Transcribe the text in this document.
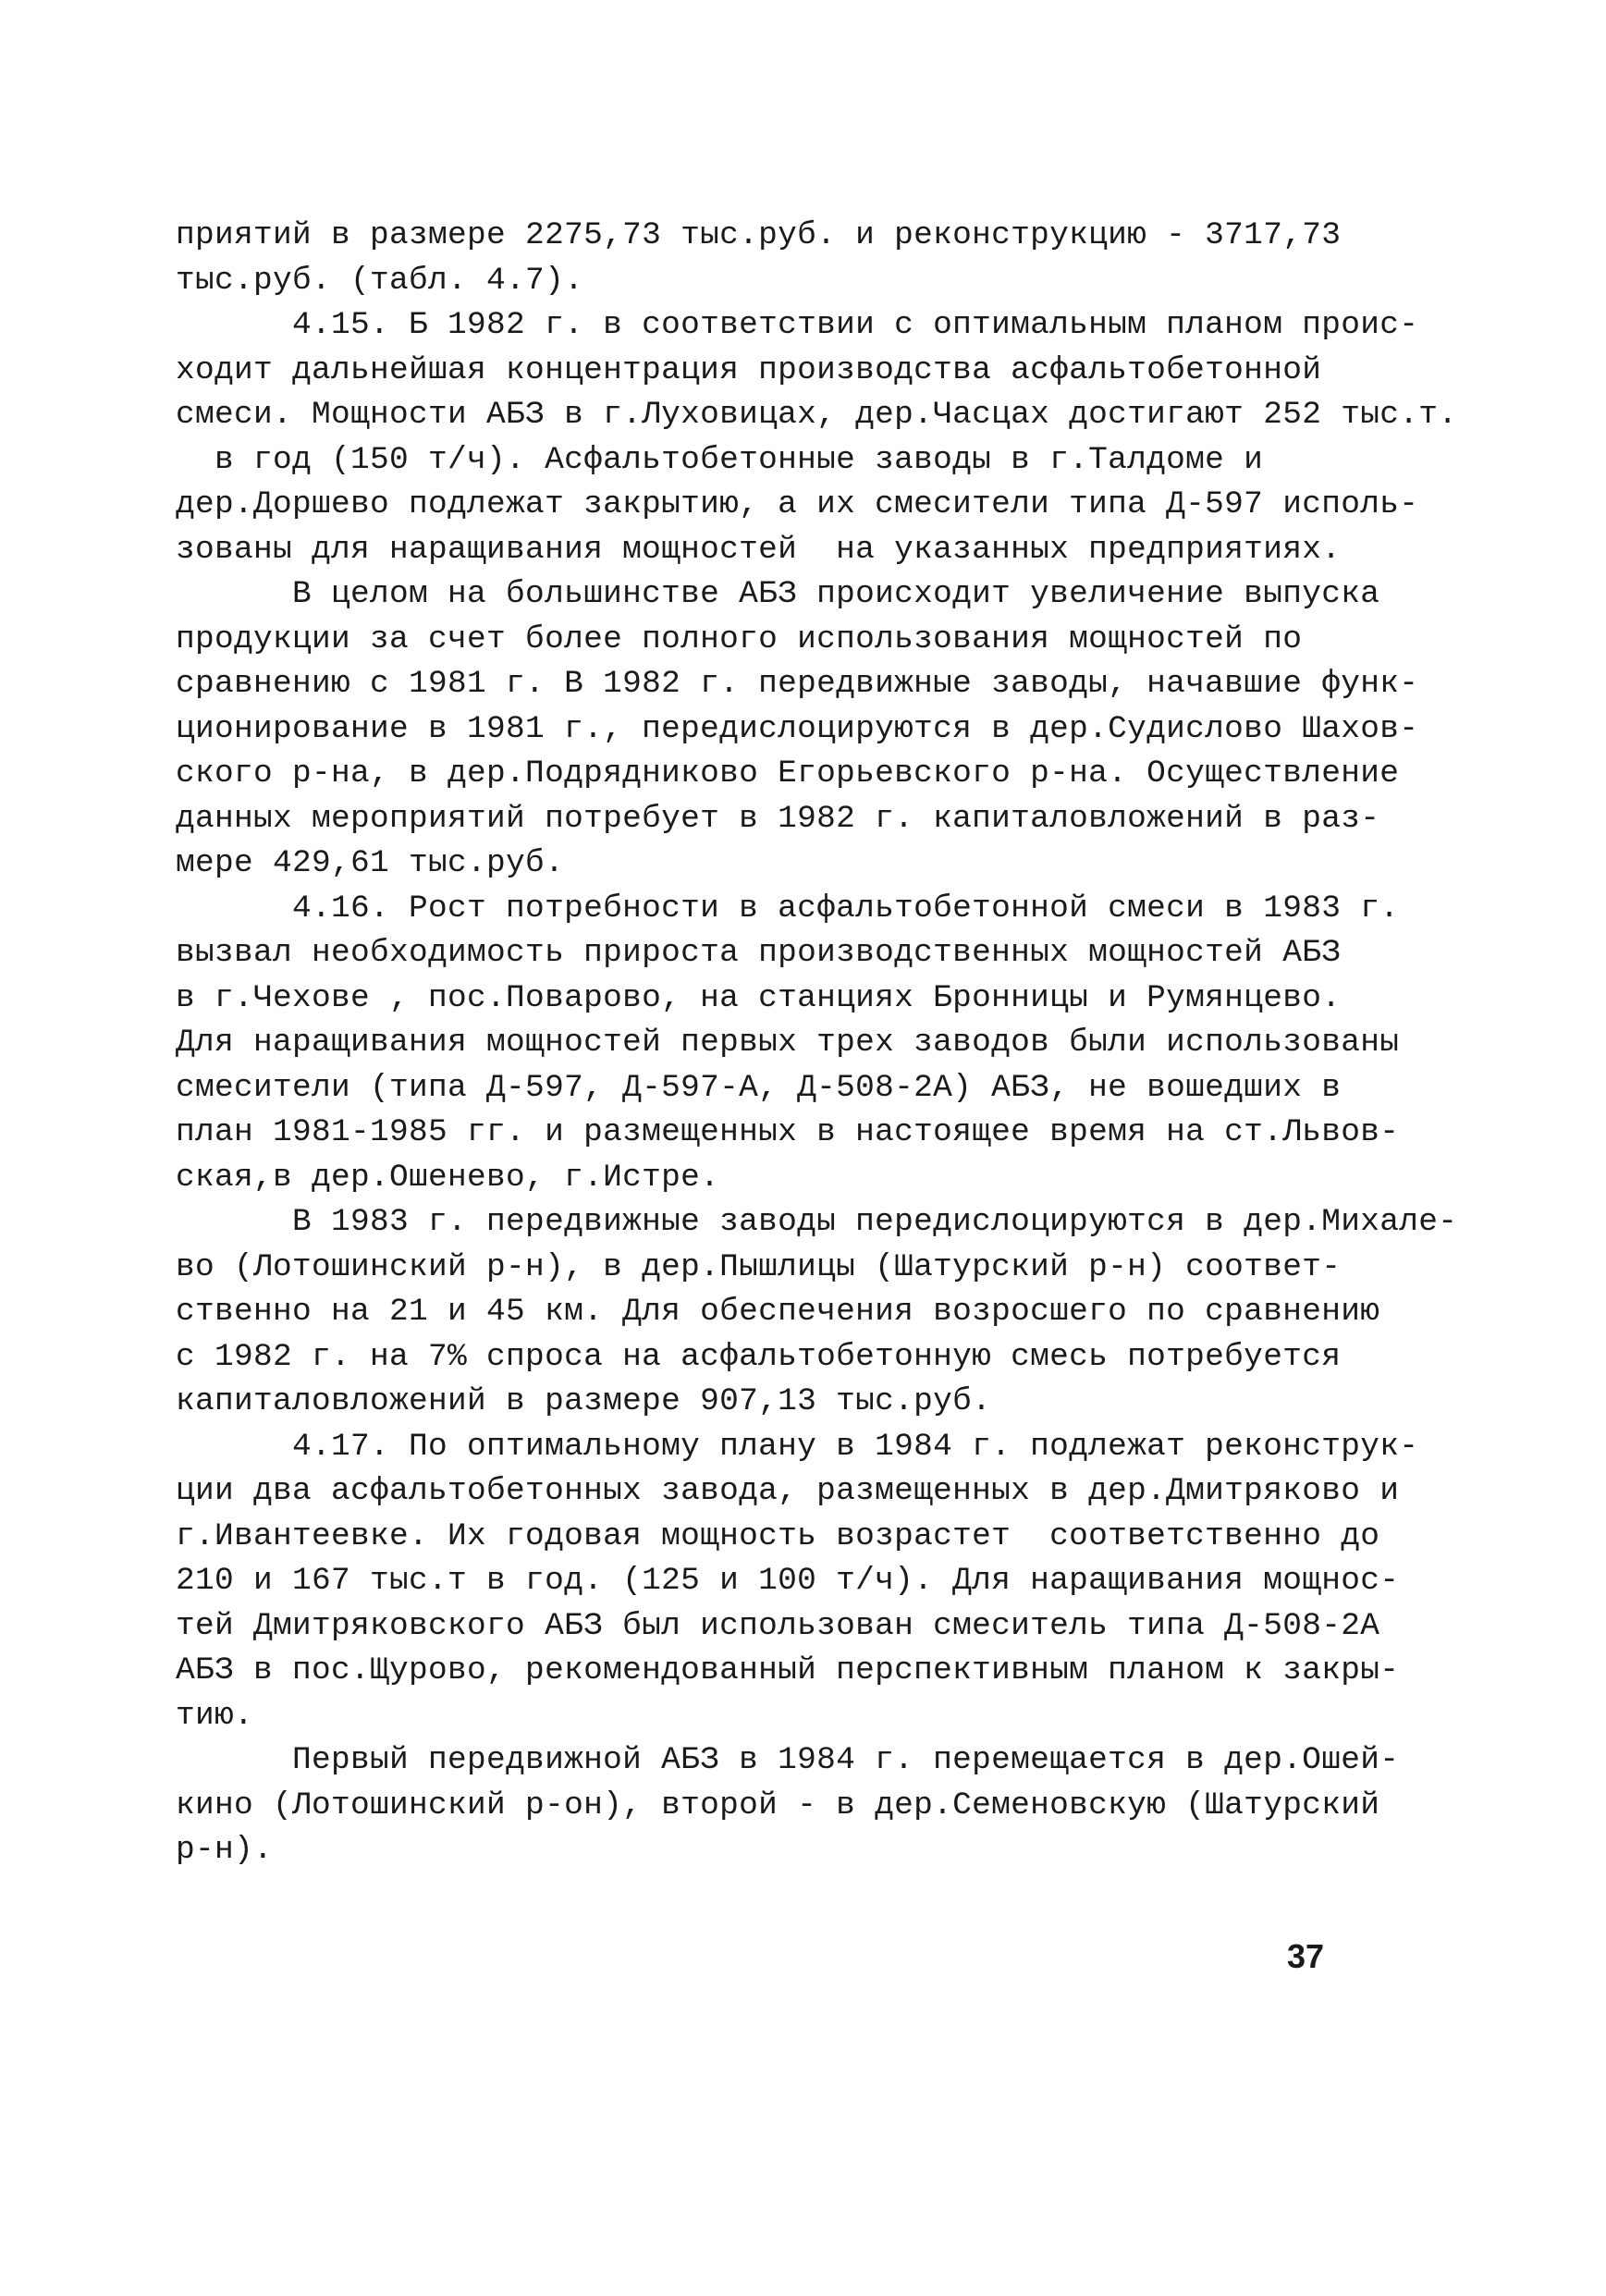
приятий в размере 2275,73 тыс.руб. и реконструкцию - 3717,73
тыс.руб. (табл. 4.7).
4.15. Б 1982 г. в соответствии с оптимальным планом проис-
ходит дальнейшая концентрация производства асфальтобетонной
смеси. Мощности АБЗ в г.Луховицах, дер.Часцах достигают 252 тыс.т.
в год (150 т/ч). Асфальтобетонные заводы в г.Талдоме и
дер.Доршево подлежат закрытию, а их смесители типа Д-597 исполь-
зованы для наращивания мощностей  на указанных предприятиях.
В целом на большинстве АБЗ происходит увеличение выпуска
продукции за счет более полного использования мощностей по
сравнению с 1981 г. В 1982 г. передвижные заводы, начавшие функ-
ционирование в 1981 г., передислоцируются в дер.Судислово Шахов-
ского р-на, в дер.Подрядниково Егорьевского р-на. Осуществление
данных мероприятий потребует в 1982 г. капиталовложений в раз-
мере 429,61 тыс.руб.
4.16. Рост потребности в асфальтобетонной смеси в 1983 г.
вызвал необходимость прироста производственных мощностей АБЗ
в г.Чехове , пос.Поварово, на станциях Бронницы и Румянцево.
Для наращивания мощностей первых трех заводов были использованы
смесители (типа Д-597, Д-597-А, Д-508-2А) АБЗ, не вошедших в
план 1981-1985 гг. и размещенных в настоящее время на ст.Львов-
ская,в дер.Ошенево, г.Истре.
В 1983 г. передвижные заводы передислоцируются в дер.Михале-
во (Лотошинский р-н), в дер.Пышлицы (Шатурский р-н) соответ-
ственно на 21 и 45 км. Для обеспечения возросшего по сравнению
с 1982 г. на 7% спроса на асфальтобетонную смесь потребуется
капиталовложений в размере 907,13 тыс.руб.
4.17. По оптимальному плану в 1984 г. подлежат реконструк-
ции два асфальтобетонных завода, размещенных в дер.Дмитряково и
г.Ивантеевке. Их годовая мощность возрастет  соответственно до
210 и 167 тыс.т в год. (125 и 100 т/ч). Для наращивания мощнос-
тей Дмитряковского АБЗ был использован смеситель типа Д-508-2А
АБЗ в пос.Щурово, рекомендованный перспективным планом к закры-
тию.
Первый передвижной АБЗ в 1984 г. перемещается в дер.Ошей-
кино (Лотошинский р-он), второй - в дер.Семеновскую (Шатурский
р-н).
37
